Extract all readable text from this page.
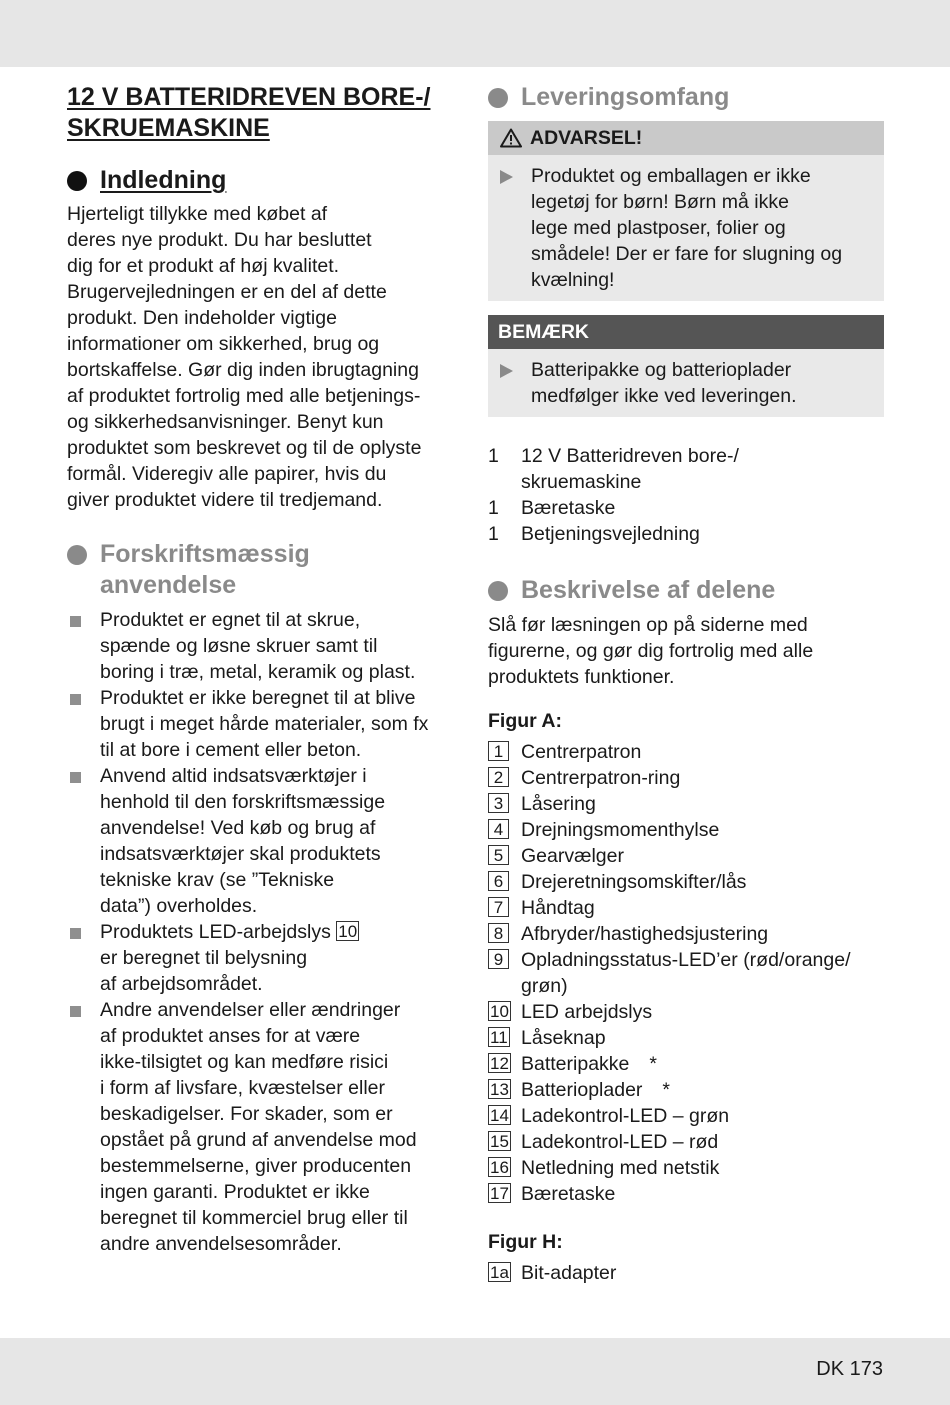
12 V BATTERIDREVEN BORE-/
SKRUEMASKINE
Indledning
Hjerteligt tillykke med købet af
deres nye produkt. Du har besluttet
dig for et produkt af høj kvalitet.
Brugervejledningen er en del af dette
produkt. Den indeholder vigtige
informationer om sikkerhed, brug og
bortskaffelse. Gør dig inden ibrugtagning
af produktet fortrolig med alle betjenings-
og sikkerhedsanvisninger. Benyt kun
produktet som beskrevet og til de oplyste
formål. Videregiv alle papirer, hvis du
giver produktet videre til tredjemand.
Forskriftsmæssig
anvendelse
Produktet er egnet til at skrue,
spænde og løsne skruer samt til
boring i træ, metal, keramik og plast.
Produktet er ikke beregnet til at blive
brugt i meget hårde materialer, som fx
til at bore i cement eller beton.
Anvend altid indsatsværktøjer i
henhold til den forskriftsmæssige
anvendelse! Ved køb og brug af
indsatsværktøjer skal produktets
tekniske krav (se ”Tekniske
data”) overholdes.
Produktets LED-arbejdslys 10
er beregnet til belysning
af arbejdsområdet.
Andre anvendelser eller ændringer
af produktet anses for at være
ikke-tilsigtet og kan medføre risici
i form af livsfare, kvæstelser eller
beskadigelser. For skader, som er
opstået på grund af anvendelse mod
bestemmelserne, giver producenten
ingen garanti. Produktet er ikke
beregnet til kommerciel brug eller til
andre anvendelsesområder.
Leveringsomfang
ADVARSEL!
Produktet og emballagen er ikke
legetøj for børn! Børn må ikke
lege med plastposer, folier og
smådele! Der er fare for slugning og
kvælning!
BEMÆRK
Batteripakke og batterioplader
medfølger ikke ved leveringen.
1	12 V Batteridreven bore-/
skruemaskine
1	Bæretaske
1	Betjeningsvejledning
Beskrivelse af delene
Slå før læsningen op på siderne med
figurerne, og gør dig fortrolig med alle
produktets funktioner.
Figur A:
1 Centrerpatron
2 Centrerpatron-ring
3 Låsering
4 Drejningsmomenthylse
5 Gearvælger
6 Drejeretningsomskifter/lås
7 Håndtag
8 Afbryder/hastighedsjustering
9 Opladningsstatus-LED’er (rød/orange/
grøn)
10 LED arbejdslys
11 Låseknap
12 Batteripakke *
13 Batterioplader *
14 Ladekontrol-LED – grøn
15 Ladekontrol-LED – rød
16 Netledning med netstik
17 Bæretaske
Figur H:
1a Bit-adapter
DK 173
